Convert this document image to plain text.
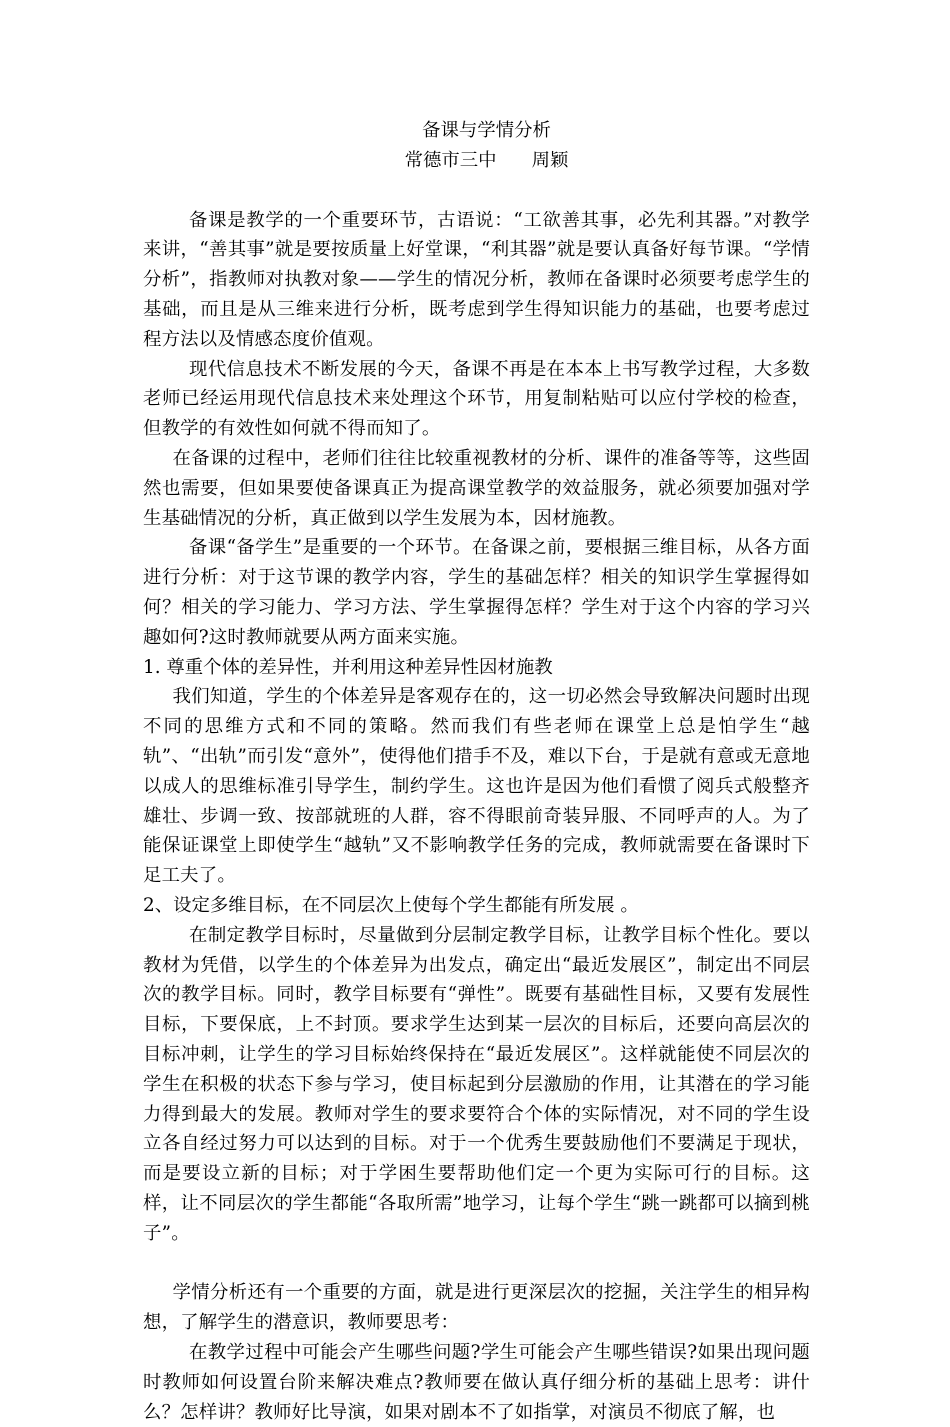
备课与学情分析

常德市三中      周颖

备课是教学的一个重要环节，古语说：“工欲善其事，必先利其器。”对教学来讲，“善其事”就是要按质量上好堂课，“利其器”就是要认真备好每节课。“学情分析”，指教师对执教对象——学生的情况分析，教师在备课时必须要考虑学生的基础，而且是从三维来进行分析，既考虑到学生得知识能力的基础，也要考虑过程方法以及情感态度价值观。

现代信息技术不断发展的今天，备课不再是在本本上书写教学过程，大多数老师已经运用现代信息技术来处理这个环节，用复制粘贴可以应付学校的检查，但教学的有效性如何就不得而知了。

在备课的过程中，老师们往往比较重视教材的分析、课件的准备等等，这些固然也需要，但如果要使备课真正为提高课堂教学的效益服务，就必须要加强对学生基础情况的分析，真正做到以学生发展为本，因材施教。

备课“备学生”是重要的一个环节。在备课之前，要根据三维目标，从各方面进行分析：对于这节课的教学内容，学生的基础怎样？相关的知识学生掌握得如何？相关的学习能力、学习方法、学生掌握得怎样？学生对于这个内容的学习兴趣如何?这时教师就要从两方面来实施。

1. 尊重个体的差异性，并利用这种差异性因材施教

我们知道，学生的个体差异是客观存在的，这一切必然会导致解决问题时出现不同的思维方式和不同的策略。然而我们有些老师在课堂上总是怕学生“越轨”、“出轨”而引发“意外”，使得他们措手不及，难以下台，于是就有意或无意地以成人的思维标准引导学生，制约学生。这也许是因为他们看惯了阅兵式般整齐雄壮、步调一致、按部就班的人群，容不得眼前奇装异服、不同呼声的人。为了能保证课堂上即使学生“越轨”又不影响教学任务的完成，教师就需要在备课时下足工夫了。

2、设定多维目标，在不同层次上使每个学生都能有所发展 。

在制定教学目标时，尽量做到分层制定教学目标，让教学目标个性化。要以教材为凭借，以学生的个体差异为出发点，确定出“最近发展区”，制定出不同层次的教学目标。同时，教学目标要有“弹性”。既要有基础性目标，又要有发展性目标，下要保底，上不封顶。要求学生达到某一层次的目标后，还要向高层次的目标冲刺，让学生的学习目标始终保持在“最近发展区”。这样就能使不同层次的学生在积极的状态下参与学习，使目标起到分层激励的作用，让其潜在的学习能力得到最大的发展。教师对学生的要求要符合个体的实际情况，对不同的学生设立各自经过努力可以达到的目标。对于一个优秀生要鼓励他们不要满足于现状，而是要设立新的目标；对于学困生要帮助他们定一个更为实际可行的目标。这样，让不同层次的学生都能“各取所需”地学习，让每个学生“跳一跳都可以摘到桃子”。

学情分析还有一个重要的方面，就是进行更深层次的挖掘，关注学生的相异构想，了解学生的潜意识，教师要思考：

在教学过程中可能会产生哪些问题?学生可能会产生哪些错误?如果出现问题时教师如何设置台阶来解决难点?教师要在做认真仔细分析的基础上思考：讲什么？怎样讲？教师好比导演，如果对剧本不了如指掌，对演员不彻底了解，也
